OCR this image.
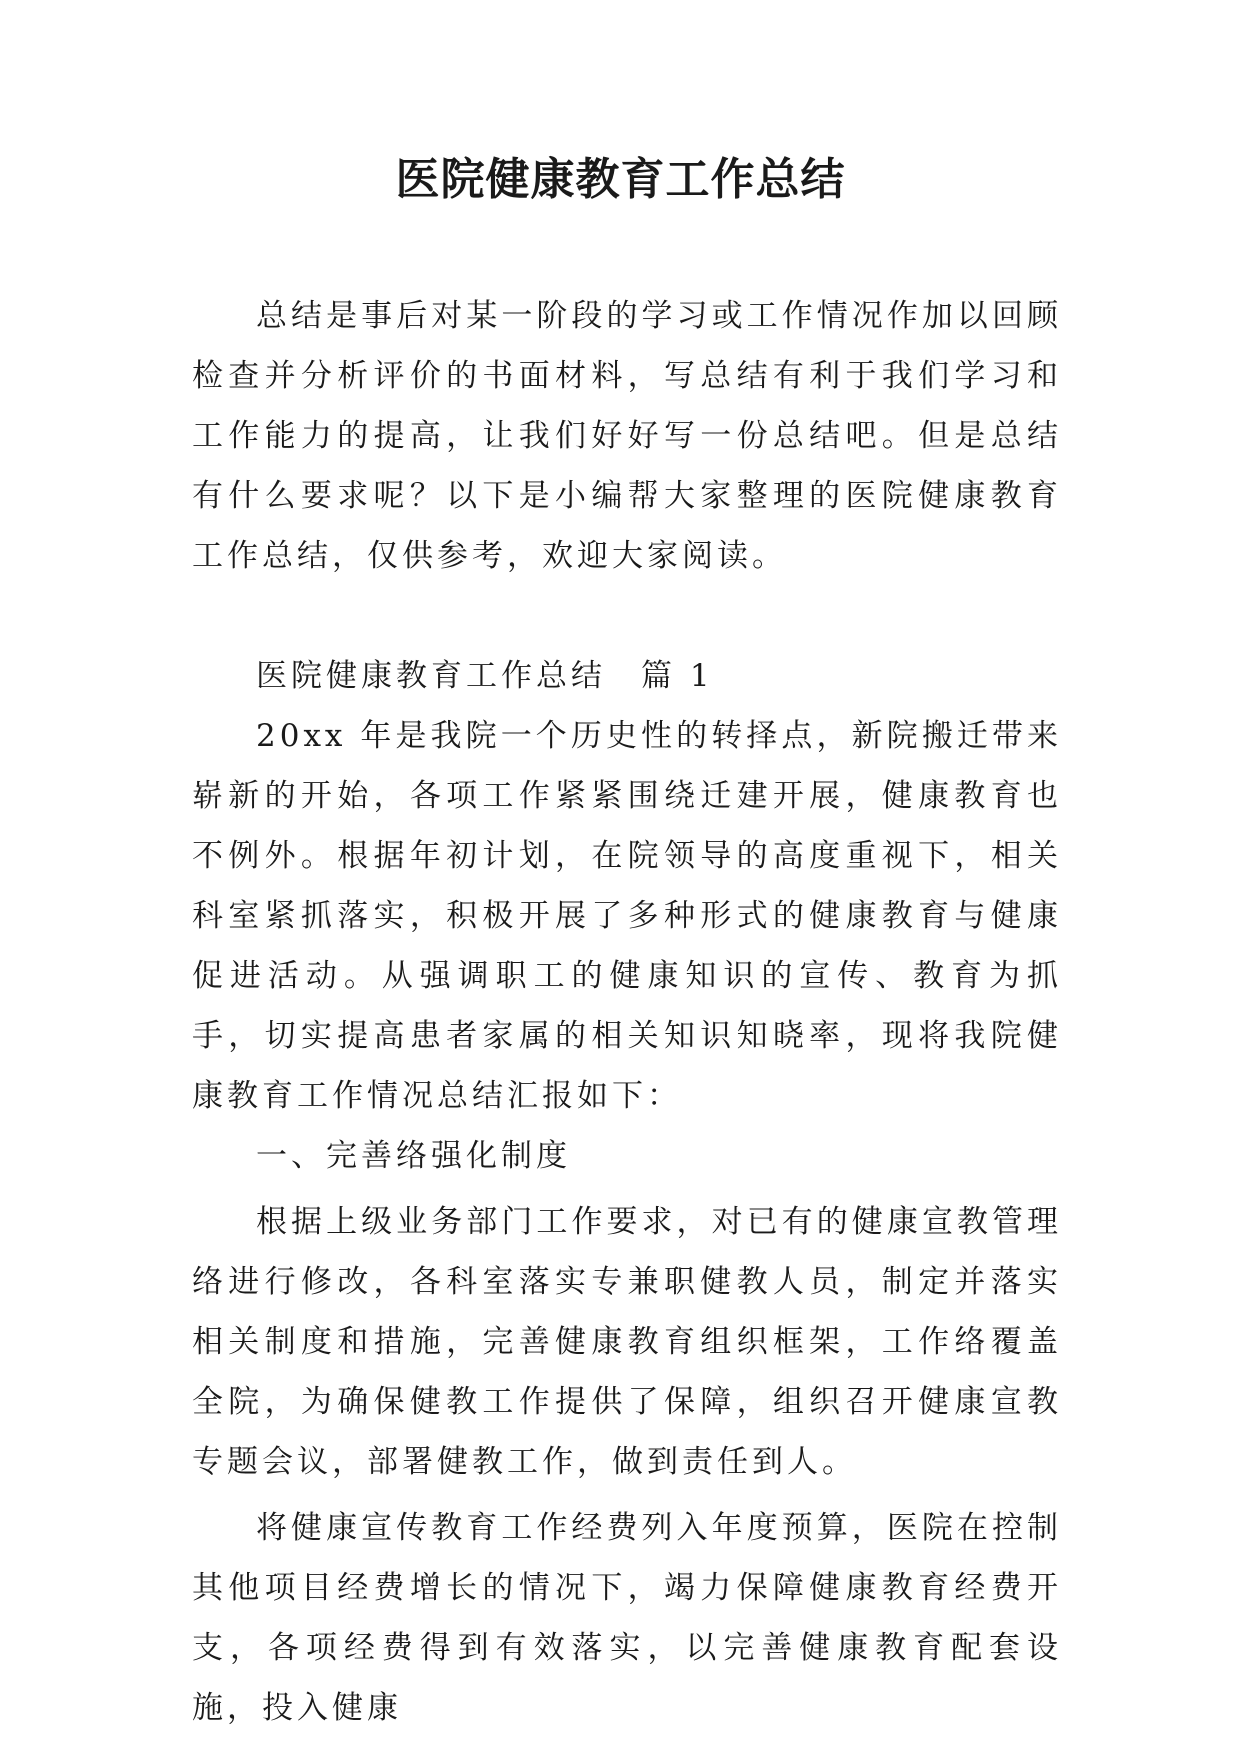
医院健康教育工作总结

总结是事后对某一阶段的学习或工作情况作加以回顾检查并分析评价的书面材料，写总结有利于我们学习和工作能力的提高，让我们好好写一份总结吧。但是总结有什么要求呢？以下是小编帮大家整理的医院健康教育工作总结，仅供参考，欢迎大家阅读。

医院健康教育工作总结　篇 1

20xx 年是我院一个历史性的转择点，新院搬迁带来崭新的开始，各项工作紧紧围绕迁建开展，健康教育也不例外。根据年初计划，在院领导的高度重视下，相关科室紧抓落实，积极开展了多种形式的健康教育与健康促进活动。从强调职工的健康知识的宣传、教育为抓手，切实提高患者家属的相关知识知晓率，现将我院健康教育工作情况总结汇报如下：

一、完善络强化制度

根据上级业务部门工作要求，对已有的健康宣教管理络进行修改，各科室落实专兼职健教人员，制定并落实相关制度和措施，完善健康教育组织框架，工作络覆盖全院，为确保健教工作提供了保障，组织召开健康宣教专题会议，部署健教工作，做到责任到人。

将健康宣传教育工作经费列入年度预算，医院在控制其他项目经费增长的情况下，竭力保障健康教育经费开支，各项经费得到有效落实，以完善健康教育配套设施，投入健康
